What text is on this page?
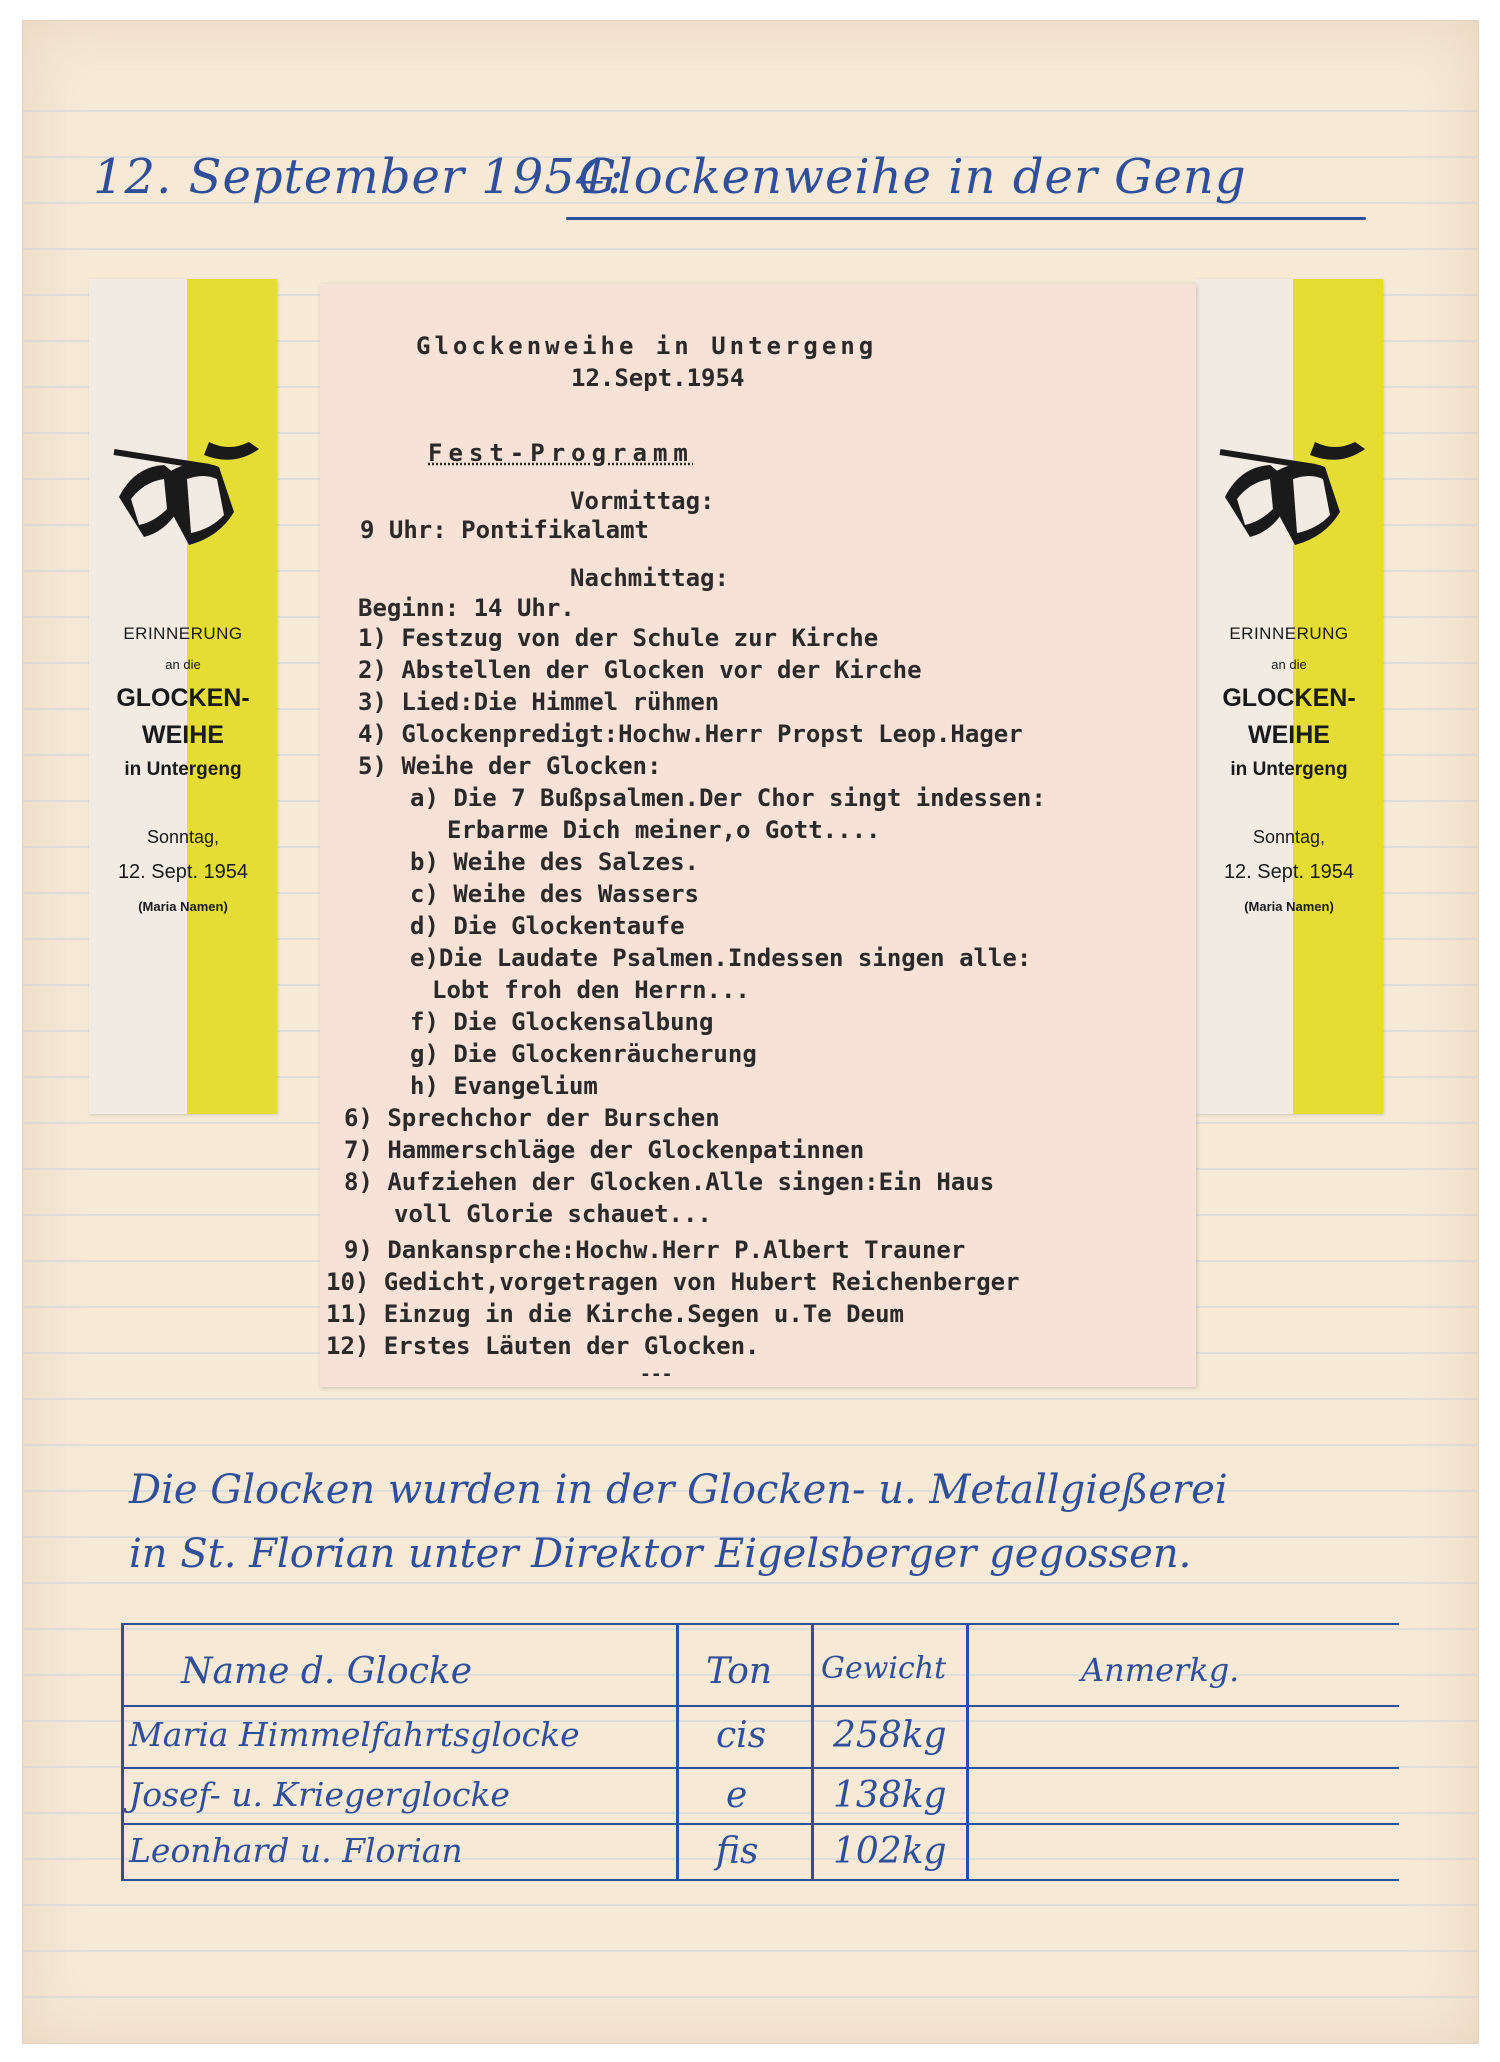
12. September 1954:
Glockenweihe in der Geng
ERINNERUNG
an die
GLOCKEN-
WEIHE
in Untergeng
Sonntag,
12. Sept. 1954
(Maria Namen)
ERINNERUNG
an die
GLOCKEN-
WEIHE
in Untergeng
Sonntag,
12. Sept. 1954
(Maria Namen)
Glockenweihe in Untergeng
12.Sept.1954
Fest-Programm
Vormittag:
9 Uhr: Pontifikalamt
Nachmittag:
Beginn: 14 Uhr.
1) Festzug von der Schule zur Kirche
2) Abstellen der Glocken vor der Kirche
3) Lied:Die Himmel rühmen
4) Glockenpredigt:Hochw.Herr Propst Leop.Hager
5) Weihe der Glocken:
a) Die 7 Bußpsalmen.Der Chor singt indessen:
Erbarme Dich meiner,o Gott....
b) Weihe des Salzes.
c) Weihe des Wassers
d) Die Glockentaufe
e)Die Laudate Psalmen.Indessen singen alle:
Lobt froh den Herrn...
f) Die Glockensalbung
g) Die Glockenräucherung
h) Evangelium
6) Sprechchor der Burschen
7) Hammerschläge der Glockenpatinnen
8) Aufziehen der Glocken.Alle singen:Ein Haus
voll Glorie schauet...
9) Dankansprche:Hochw.Herr P.Albert Trauner
10) Gedicht,vorgetragen von Hubert Reichenberger
11) Einzug in die Kirche.Segen u.Te Deum
12) Erstes Läuten der Glocken.
---
Die Glocken wurden in der Glocken- u. Metallgießerei
in St. Florian unter Direktor Eigelsberger gegossen.
Name d. Glocke	Ton Gewicht	Anmerkg.
Maria Himmelfahrtsglocke	cis 258kg
Josef- u. Kriegerglocke	e 138kg
Leonhard u. Florian	fis 102kg
